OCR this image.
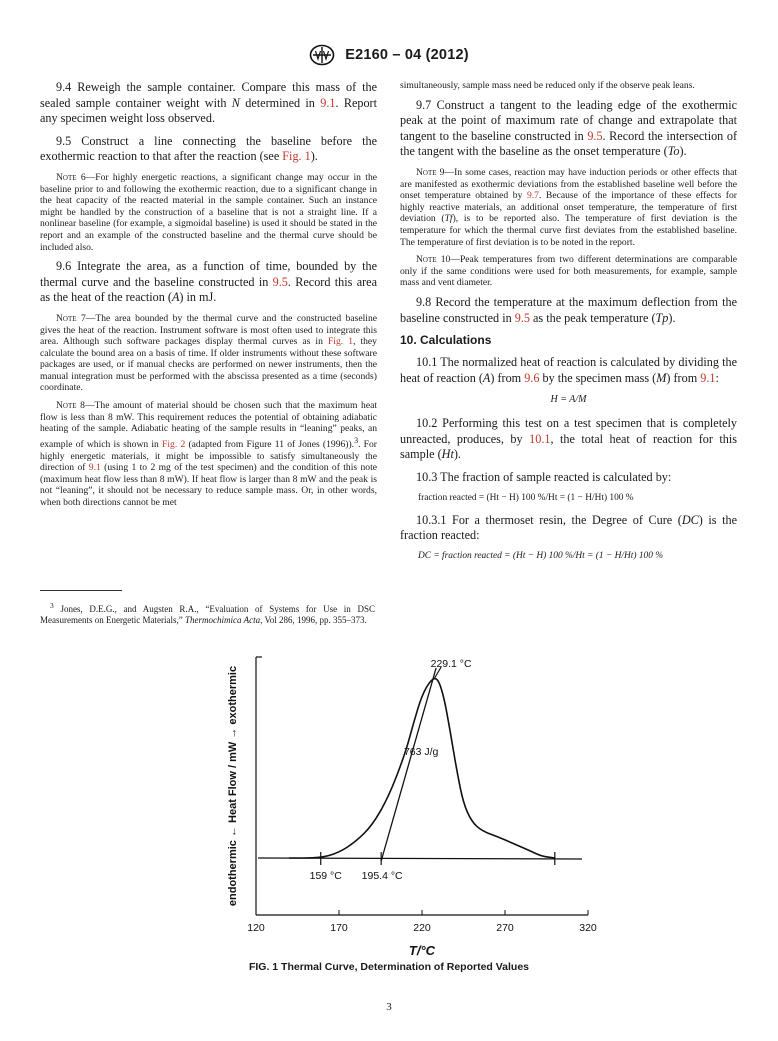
E2160 – 04 (2012)

9.4 Reweigh the sample container. Compare this mass of the sealed sample container weight with N determined in 9.1. Report any specimen weight loss observed.

9.5 Construct a line connecting the baseline before the exothermic reaction to that after the reaction (see Fig. 1).

Note 6—For highly energetic reactions, a significant change may occur in the baseline prior to and following the exothermic reaction, due to a significant change in the heat capacity of the reacted material in the sample container. Such an instance might be handled by the construction of a baseline that is not a straight line. If a nonlinear baseline (for example, a sigmoidal baseline) is used it should be stated in the report and an example of the constructed baseline and the thermal curve should be included also.

9.6 Integrate the area, as a function of time, bounded by the thermal curve and the baseline constructed in 9.5. Record this area as the heat of the reaction (A) in mJ.

Note 7—The area bounded by the thermal curve and the constructed baseline gives the heat of the reaction. Instrument software is most often used to integrate this area. Although such software packages display thermal curves as in Fig. 1, they calculate the bound area on a basis of time. If older instruments without these software packages are used, or if manual checks are performed on newer instruments, then the manual integration must be performed with the abscissa presented as a time (seconds) coordinate.

Note 8—The amount of material should be chosen such that the maximum heat flow is less than 8 mW. This requirement reduces the potential of obtaining adiabatic heating of the sample. Adiabatic heating of the sample results in “leaning” peaks, an example of which is shown in Fig. 2 (adapted from Figure 11 of Jones (1996)).$^3$. For highly energetic materials, it might be impossible to satisfy simultaneously the direction of 9.1 (using 1 to 2 mg of the test specimen) and the condition of this note (maximum heat flow less than 8 mW). If heat flow is larger than 8 mW and the peak is not “leaning”, it should not be necessary to reduce sample mass. Or, in other words, when both directions cannot be met

$^3$ Jones, D.E.G., and Augsten R.A., “Evaluation of Systems for Use in DSC Measurements on Energetic Materials,” Thermochimica Acta, Vol 286, 1996, pp. 355–373.

simultaneously, sample mass need be reduced only if the observe peak leans.

9.7 Construct a tangent to the leading edge of the exothermic peak at the point of maximum rate of change and extrapolate that tangent to the baseline constructed in 9.5. Record the intersection of the tangent with the baseline as the onset temperature (To).

Note 9—In some cases, reaction may have induction periods or other effects that are manifested as exothermic deviations from the established baseline well before the onset temperature obtained by 9.7. Because of the importance of these effects for highly reactive materials, an additional onset temperature, the temperature of first deviation (Tf), is to be reported also. The temperature of first deviation is the temperature for which the thermal curve first deviates from the established baseline. The temperature of first deviation is to be noted in the report.

Note 10—Peak temperatures from two different determinations are comparable only if the same conditions were used for both measurements, for example, sample mass and vent diameter.

9.8 Record the temperature at the maximum deflection from the baseline constructed in 9.5 as the peak temperature (Tp).

10. Calculations

10.1 The normalized heat of reaction is calculated by dividing the heat of reaction (A) from 9.6 by the specimen mass (M) from 9.1:

H = A/M

10.2 Performing this test on a test specimen that is completely unreacted, produces, by 10.1, the total heat of reaction for this sample (Ht).

10.3 The fraction of sample reacted is calculated by:

fraction reacted = (Ht − H) 100 %/Ht = (1 − H/Ht) 100 %

10.3.1 For a thermoset resin, the Degree of Cure (DC) is the fraction reacted:

DC = fraction reacted = (Ht − H) 100 %/Ht = (1 − H/Ht) 100 %

120	170	220	270	320
229.1 °C
763 J/g
159 °C 195.4 °C
endothermic ← Heat Flow / mW → exothermic
T/°C
FIG. 1 Thermal Curve, Determination of Reported Values
3
